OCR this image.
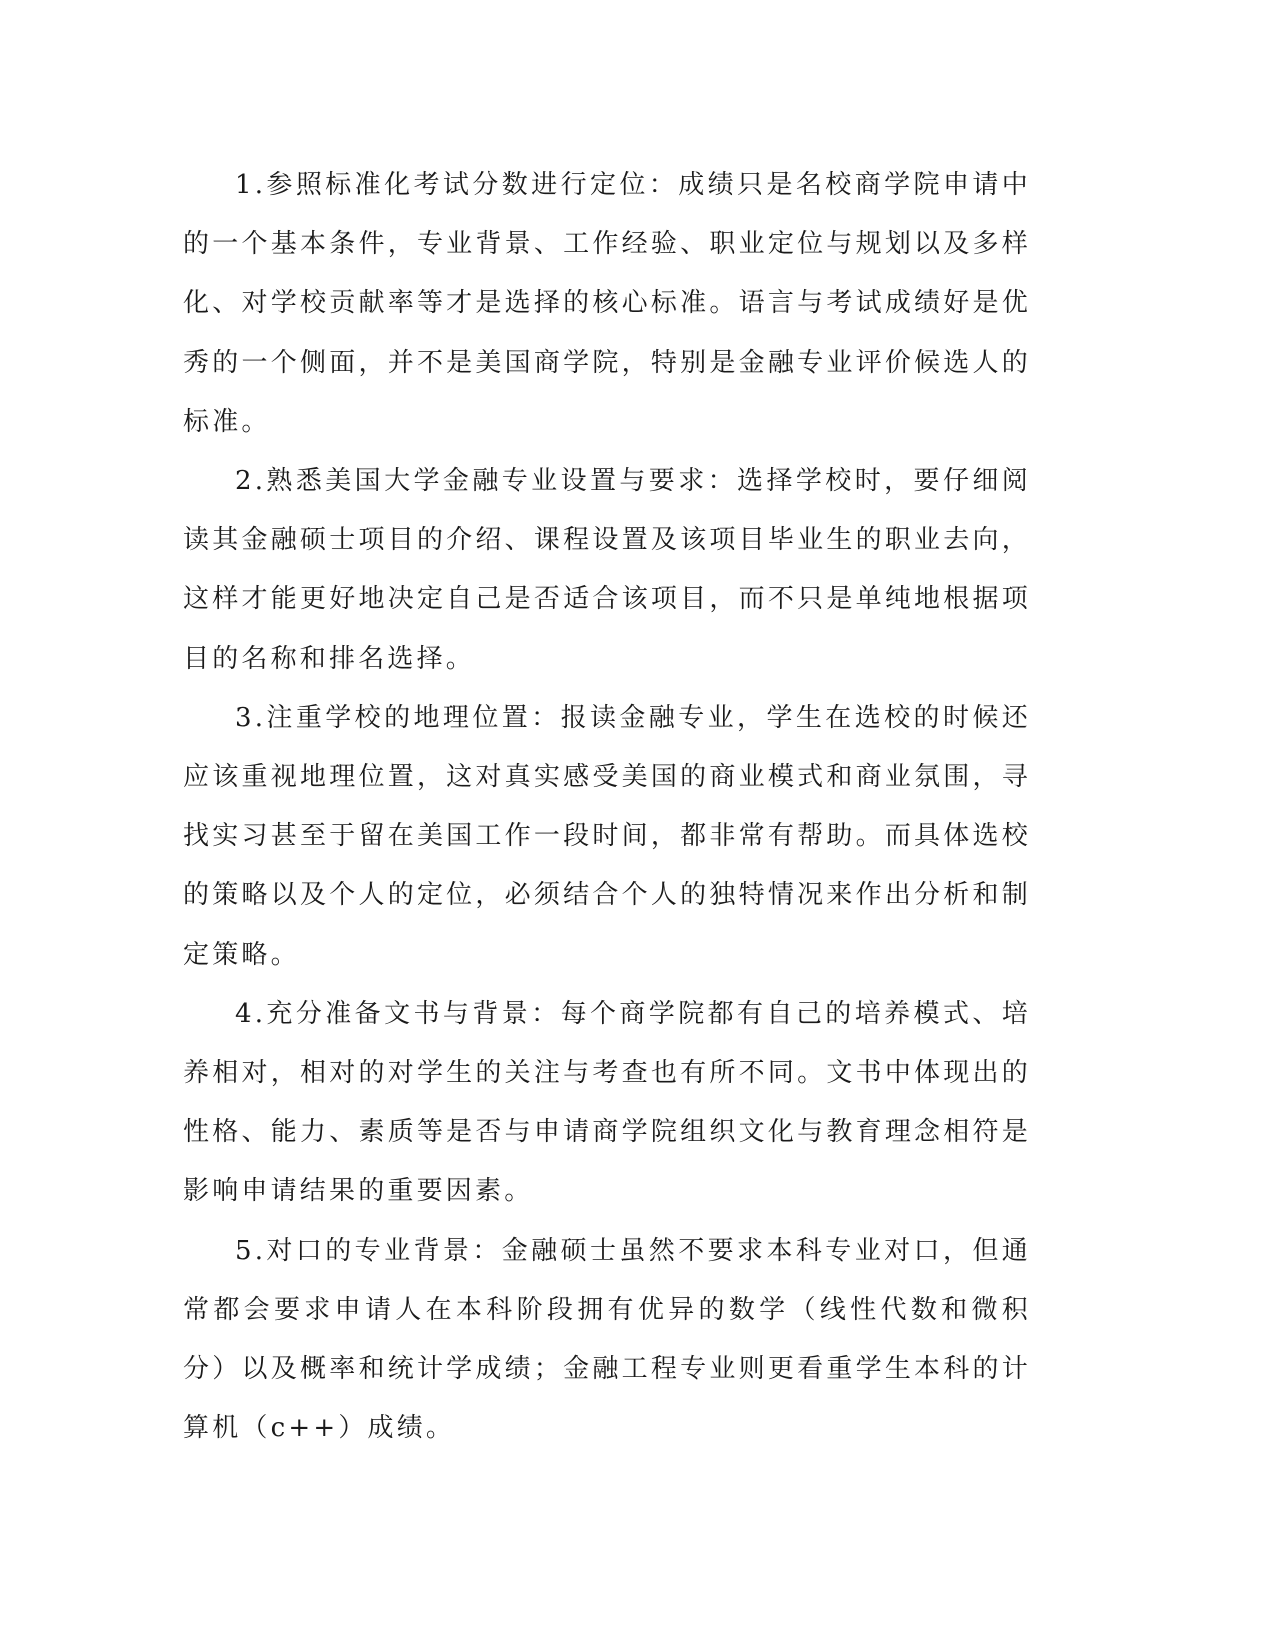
1.参照标准化考试分数进行定位：成绩只是名校商学院申请中的一个基本条件，专业背景、工作经验、职业定位与规划以及多样化、对学校贡献率等才是选择的核心标准。语言与考试成绩好是优秀的一个侧面，并不是美国商学院，特别是金融专业评价候选人的标准。

2.熟悉美国大学金融专业设置与要求：选择学校时，要仔细阅读其金融硕士项目的介绍、课程设置及该项目毕业生的职业去向，这样才能更好地决定自己是否适合该项目，而不只是单纯地根据项目的名称和排名选择。

3.注重学校的地理位置：报读金融专业，学生在选校的时候还应该重视地理位置，这对真实感受美国的商业模式和商业氛围，寻找实习甚至于留在美国工作一段时间，都非常有帮助。而具体选校的策略以及个人的定位，必须结合个人的独特情况来作出分析和制定策略。

4.充分准备文书与背景：每个商学院都有自己的培养模式、培养相对，相对的对学生的关注与考查也有所不同。文书中体现出的性格、能力、素质等是否与申请商学院组织文化与教育理念相符是影响申请结果的重要因素。

5.对口的专业背景：金融硕士虽然不要求本科专业对口，但通常都会要求申请人在本科阶段拥有优异的数学（线性代数和微积分）以及概率和统计学成绩；金融工程专业则更看重学生本科的计算机（c++）成绩。
